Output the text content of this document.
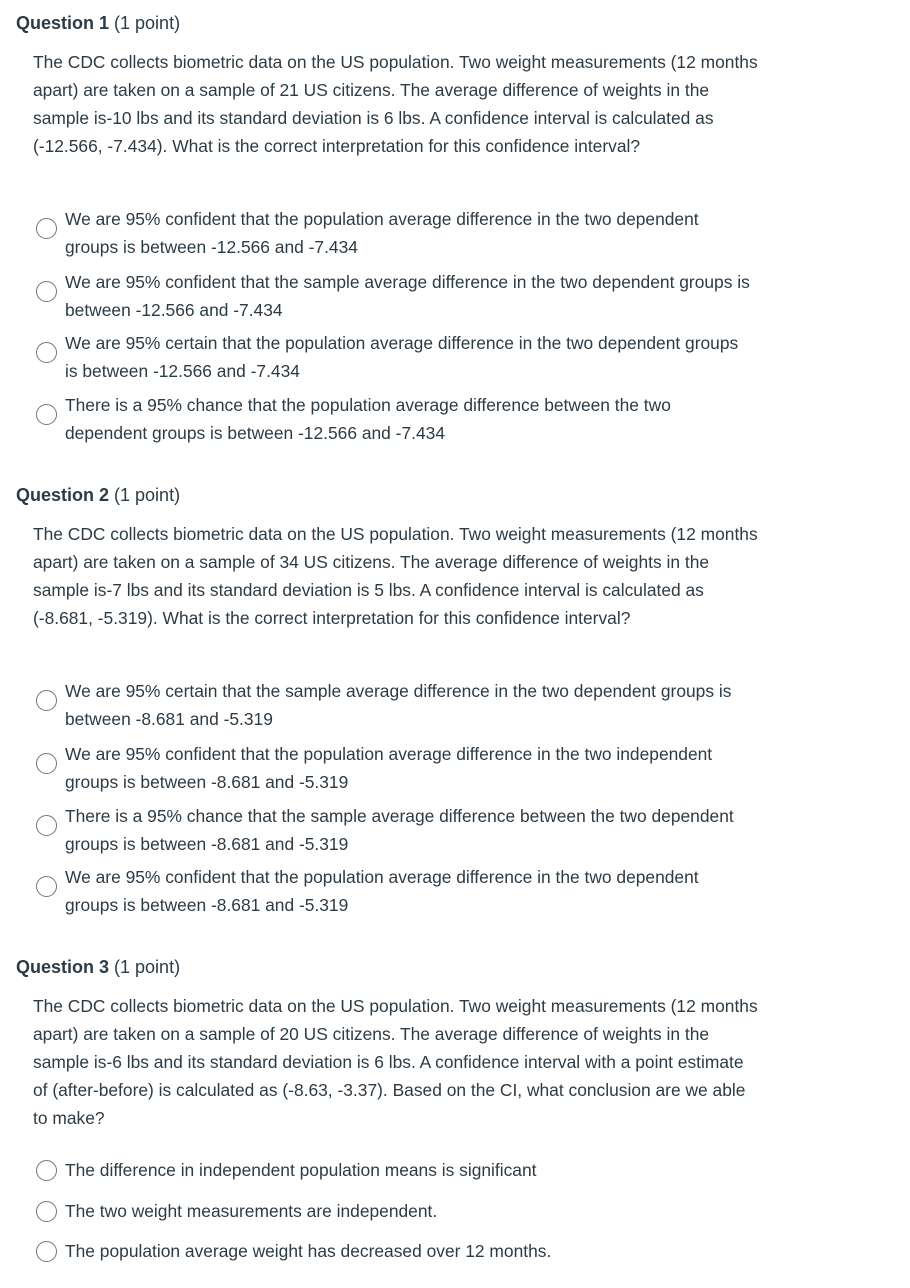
Question 1 (1 point)

The CDC collects biometric data on the US population. Two weight measurements (12 months apart) are taken on a sample of 21 US citizens. The average difference of weights in the sample is-10 lbs and its standard deviation is 6 lbs. A confidence interval is calculated as (-12.566, -7.434). What is the correct interpretation for this confidence interval?

We are 95% confident that the population average difference in the two dependent groups is between -12.566 and -7.434
We are 95% confident that the sample average difference in the two dependent groups is between -12.566 and -7.434
We are 95% certain that the population average difference in the two dependent groups is between -12.566 and -7.434
There is a 95% chance that the population average difference between the two dependent groups is between -12.566 and -7.434
Question 2 (1 point)

The CDC collects biometric data on the US population. Two weight measurements (12 months apart) are taken on a sample of 34 US citizens. The average difference of weights in the sample is-7 lbs and its standard deviation is 5 lbs. A confidence interval is calculated as (-8.681, -5.319). What is the correct interpretation for this confidence interval?

We are 95% certain that the sample average difference in the two dependent groups is between -8.681 and -5.319
We are 95% confident that the population average difference in the two independent groups is between -8.681 and -5.319
There is a 95% chance that the sample average difference between the two dependent groups is between -8.681 and -5.319
We are 95% confident that the population average difference in the two dependent groups is between -8.681 and -5.319
Question 3 (1 point)

The CDC collects biometric data on the US population. Two weight measurements (12 months apart) are taken on a sample of 20 US citizens. The average difference of weights in the sample is-6 lbs and its standard deviation is 6 lbs. A confidence interval with a point estimate of (after-before) is calculated as (-8.63, -3.37). Based on the CI, what conclusion are we able to make?

The difference in independent population means is significant
The two weight measurements are independent.
The population average weight has decreased over 12 months.
